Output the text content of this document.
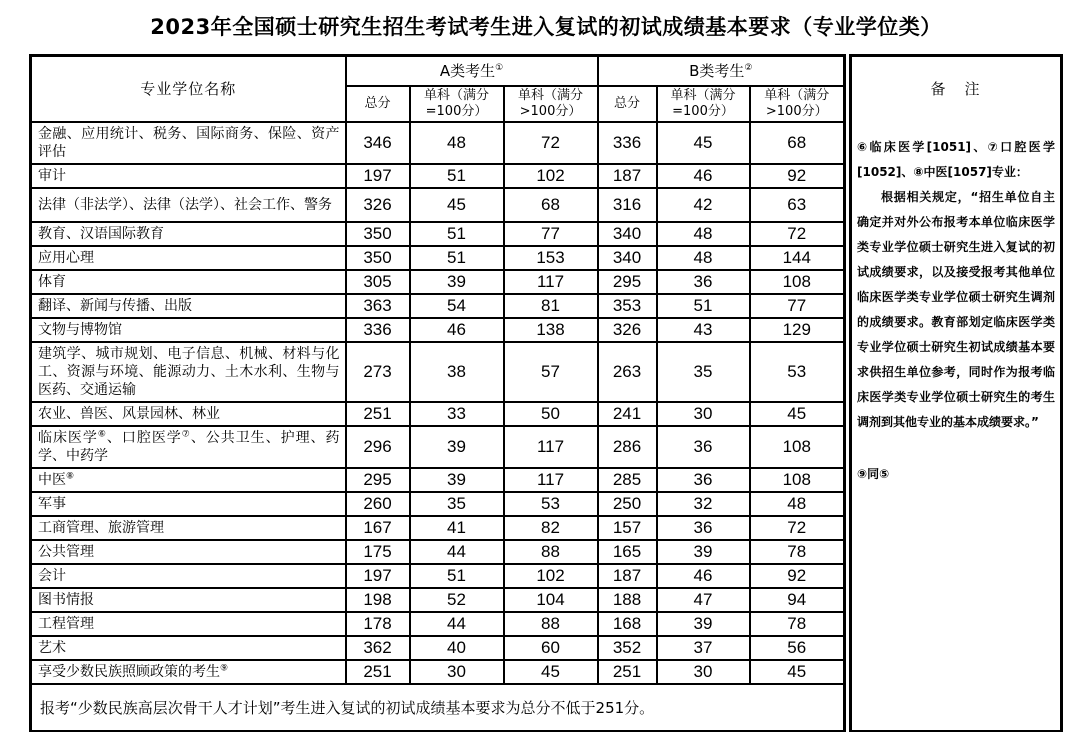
2023年全国硕士研究生招生考试考生进入复试的初试成绩基本要求（专业学位类）
专业学位名称	A类考生①			B类考生②
	总分	单科（满分=100分）	单科（满分>100分）	总分	单科（满分=100分）	单科（满分>100分）
金融、应用统计、税务、国际商务、保险、资产评估	346	48	72	336	45	68
审计	197	51	102	187	46	92
法律（非法学）、法律（法学）、社会工作、警务	326	45	68	316	42	63
教育、汉语国际教育	350	51	77	340	48	72
应用心理	350	51	153	340	48	144
体育	305	39	117	295	36	108
翻译、新闻与传播、出版	363	54	81	353	51	77
文物与博物馆	336	46	138	326	43	129
建筑学、城市规划、电子信息、机械、材料与化工、资源与环境、能源动力、土木水利、生物与医药、交通运输	273	38	57	263	35	53
农业、兽医、风景园林、林业	251	33	50	241	30	45
临床医学⑥、口腔医学⑦、公共卫生、护理、药学、中药学	296	39	117	286	36	108
中医⑧	295	39	117	285	36	108
军事	260	35	53	250	32	48
工商管理、旅游管理	167	41	82	157	36	72
公共管理	175	44	88	165	39	78
会计	197	51	102	187	46	92
图书情报	198	52	104	188	47	94
工程管理	178	44	88	168	39	78
艺术	362	40	60	352	37	56
享受少数民族照顾政策的考生⑨	251	30	45	251	30	45
报考“少数民族高层次骨干人才计划”考生进入复试的初试成绩基本要求为总分不低于251分。						
备　注

⑥临床医学[1051]、⑦口腔医学[1052]、⑧中医[1057]专业：

根据相关规定，“招生单位自主确定并对外公布报考本单位临床医学类专业学位硕士研究生进入复试的初试成绩要求，以及接受报考其他单位临床医学类专业学位硕士研究生调剂的成绩要求。教育部划定临床医学类专业学位硕士研究生初试成绩基本要求供招生单位参考，同时作为报考临床医学类专业学位硕士研究生的考生调剂到其他专业的基本成绩要求。”

⑨同⑤
